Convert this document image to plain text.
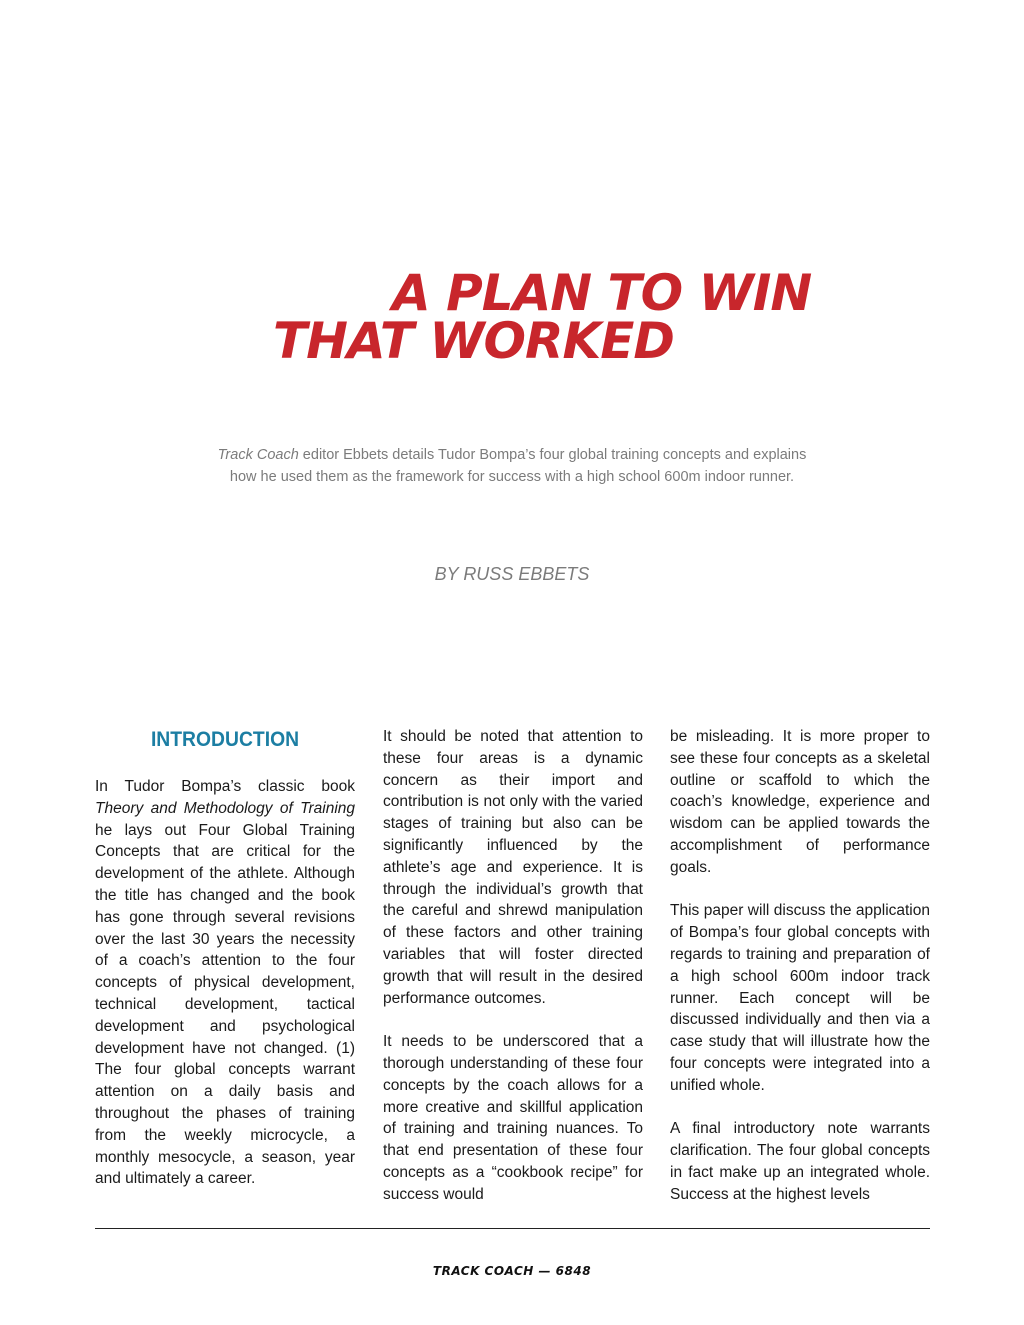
A PLAN TO WIN
THAT WORKED

Track Coach editor Ebbets details Tudor Bompa’s four global training concepts and explains
how he used them as the framework for success with a high school 600m indoor runner.

BY RUSS EBBETS

INTRODUCTION

In Tudor Bompa’s classic book Theory and Methodology of Training he lays out Four Global Training Concepts that are critical for the development of the athlete. Although the title has changed and the book has gone through several revisions over the last 30 years the necessity of a coach’s attention to the four concepts of physical development, technical development, tactical development and psychological development have not changed. (1) The four global concepts warrant attention on a daily basis and throughout the phases of training from the weekly microcycle, a monthly mesocycle, a season, year and ultimately a career.

It should be noted that attention to these four areas is a dynamic concern as their import and contribution is not only with the varied stages of training but also can be significantly influenced by the athlete’s age and experience. It is through the individual’s growth that the careful and shrewd manipulation of these factors and other training variables that will foster directed growth that will result in the desired performance outcomes.

It needs to be underscored that a thorough understanding of these four concepts by the coach allows for a more creative and skillful application of training and training nuances. To that end presentation of these four concepts as a “cookbook recipe” for success would

be misleading. It is more proper to see these four concepts as a skeletal outline or scaffold to which the coach’s knowledge, experience and wisdom can be applied towards the accomplishment of performance goals.

This paper will discuss the application of Bompa’s four global concepts with regards to training and preparation of a high school 600m indoor track runner. Each concept will be discussed individually and then via a case study that will illustrate how the four concepts were integrated into a unified whole.

A final introductory note warrants clarification. The four global concepts in fact make up an integrated whole. Success at the highest levels

TRACK COACH — 6848
